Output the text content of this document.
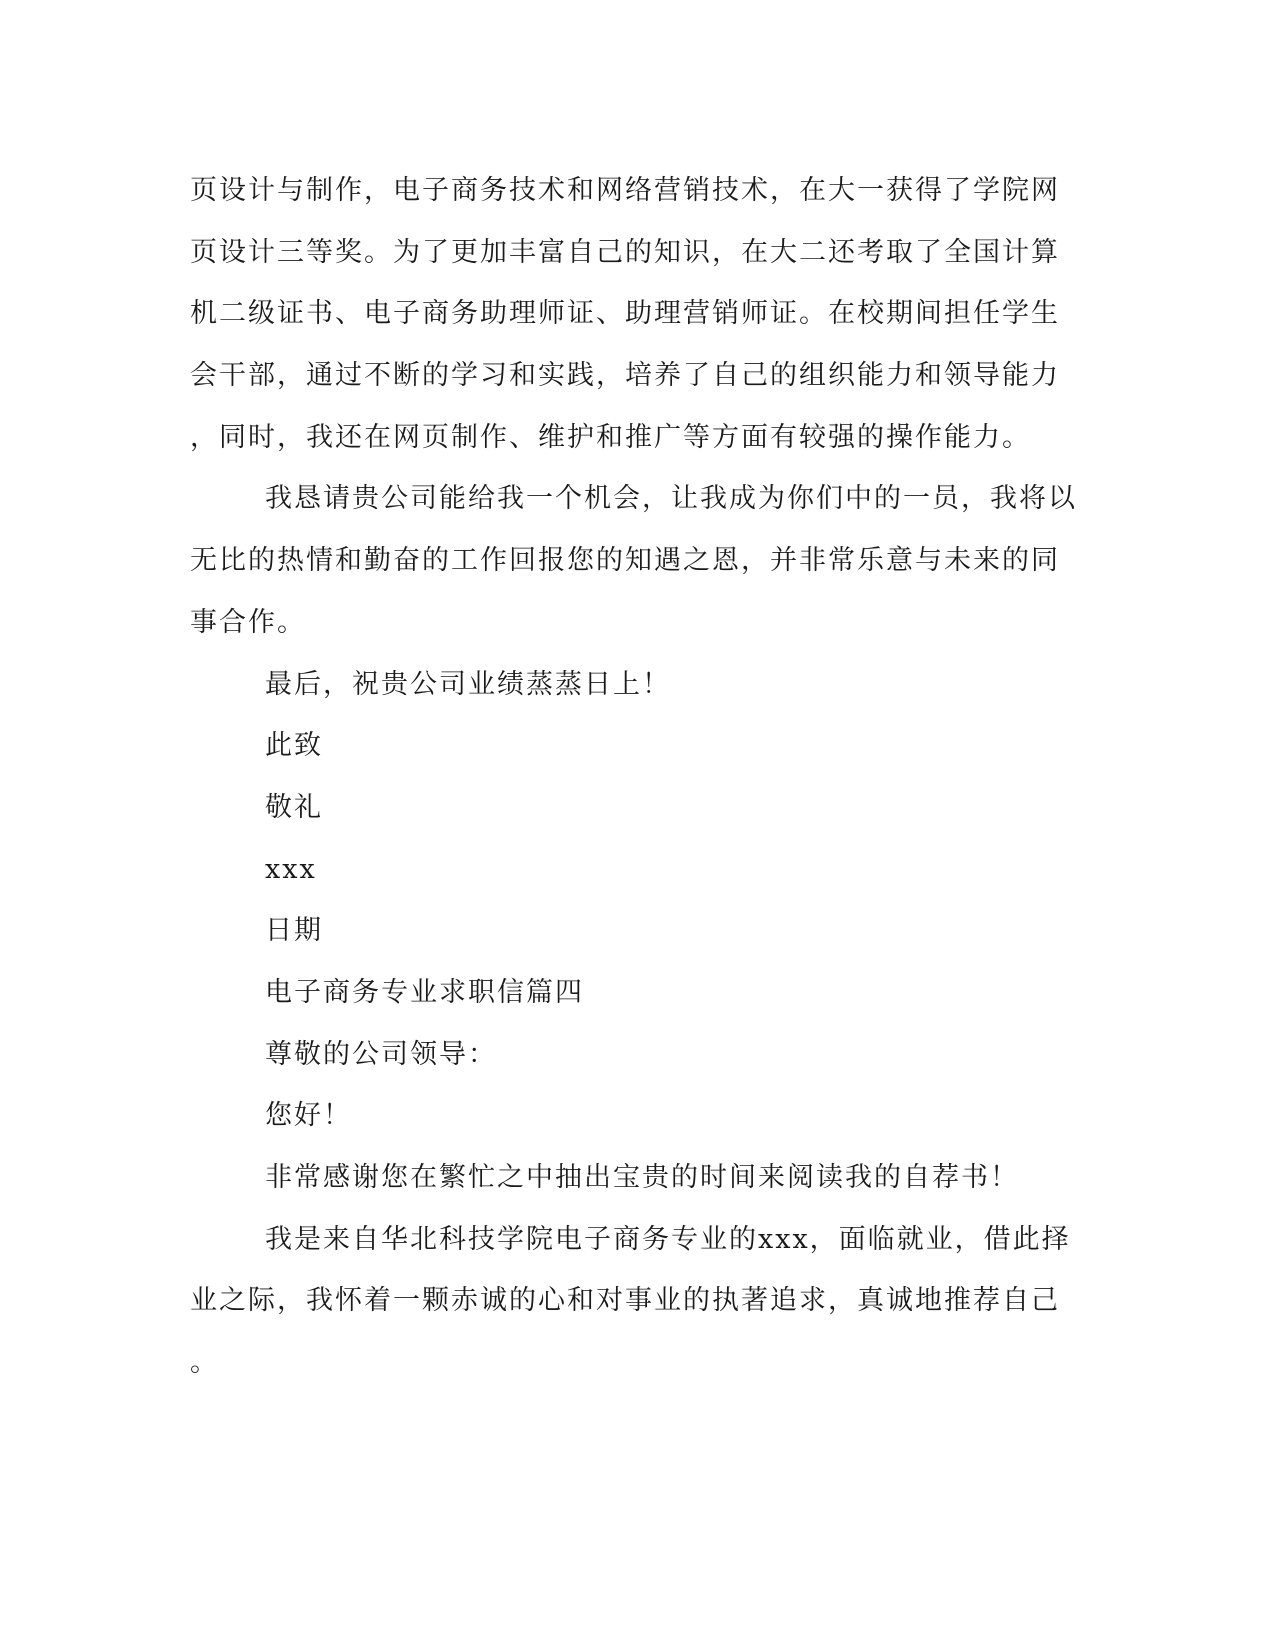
页设计与制作，电子商务技术和网络营销技术，在大一获得了学院网
页设计三等奖。为了更加丰富自己的知识，在大二还考取了全国计算
机二级证书、电子商务助理师证、助理营销师证。在校期间担任学生
会干部，通过不断的学习和实践，培养了自己的组织能力和领导能力
，同时，我还在网页制作、维护和推广等方面有较强的操作能力。
我恳请贵公司能给我一个机会，让我成为你们中的一员，我将以
无比的热情和勤奋的工作回报您的知遇之恩，并非常乐意与未来的同
事合作。
最后，祝贵公司业绩蒸蒸日上！
此致
敬礼
xxx
日期
电子商务专业求职信篇四
尊敬的公司领导：
您好！
非常感谢您在繁忙之中抽出宝贵的时间来阅读我的自荐书！
我是来自华北科技学院电子商务专业的xxx，面临就业，借此择
业之际，我怀着一颗赤诚的心和对事业的执著追求，真诚地推荐自己
。
